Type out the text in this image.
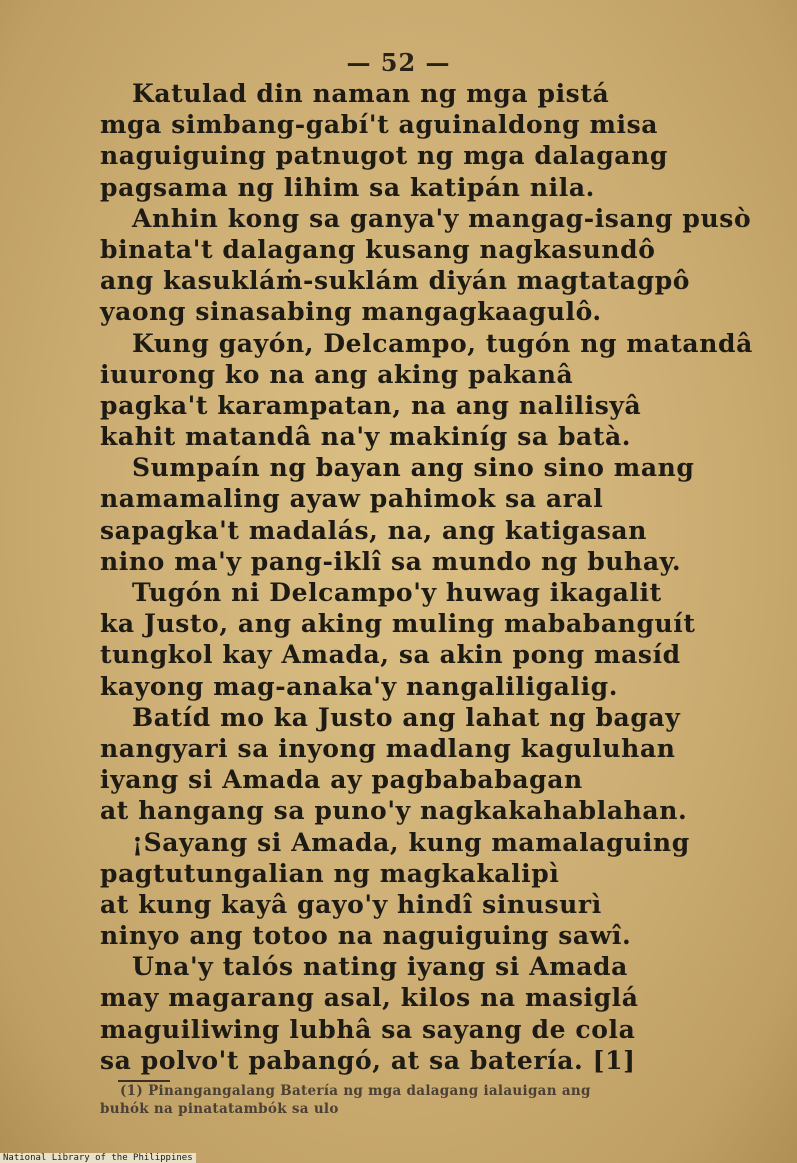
— 52 —
Katulad din naman ng mga pistá
mga simbang-gabí't aguinaldong misa
naguiguing patnugot ng mga dalagang
pagsama ng lihim sa katipán nila.
Anhin kong sa ganya'y mangag-isang pusò
binata't dalagang kusang nagkasundô
ang kasukláṁ-suklám diyán magtatagpô
yaong sinasabing mangagkaagulô.
Kung gayón, Delcampo, tugón ng matandâ
iuurong ko na ang aking pakanâ
pagka't karampatan, na ang nalilisyâ
kahit matandâ na'y makiníg sa batà.
Sumpaín ng bayan ang sino sino mang
namamaling ayaw pahimok sa aral
sapagka't madalás, na, ang katigasan
nino ma'y pang-iklî sa mundo ng buhay.
Tugón ni Delcampo'y huwag ikagalit
ka Justo, ang aking muling mababanguít
tungkol kay Amada, sa akin pong masíd
kayong mag-anaka'y nangaliligalig.
Batíd mo ka Justo ang lahat ng bagay
nangyari sa inyong madlang kaguluhan
iyang si Amada ay pagbababagan
at hangang sa puno'y nagkakahablahan.
¡Sayang si Amada, kung mamalaguing
pagtutungalian ng magkakalipì
at kung kayâ gayo'y hindî sinusurì
ninyo ang totoo na naguiguing sawî.
Una'y talós nating iyang si Amada
may magarang asal, kilos na masiglá
maguiliwing lubhâ sa sayang de cola
sa polvo't pabangó, at sa batería. [1]
(1) Pinangangalang Batería ng mga dalagang ialauigan ang
buhók na pinatatambók sa ulo
National Library of the Philippines
